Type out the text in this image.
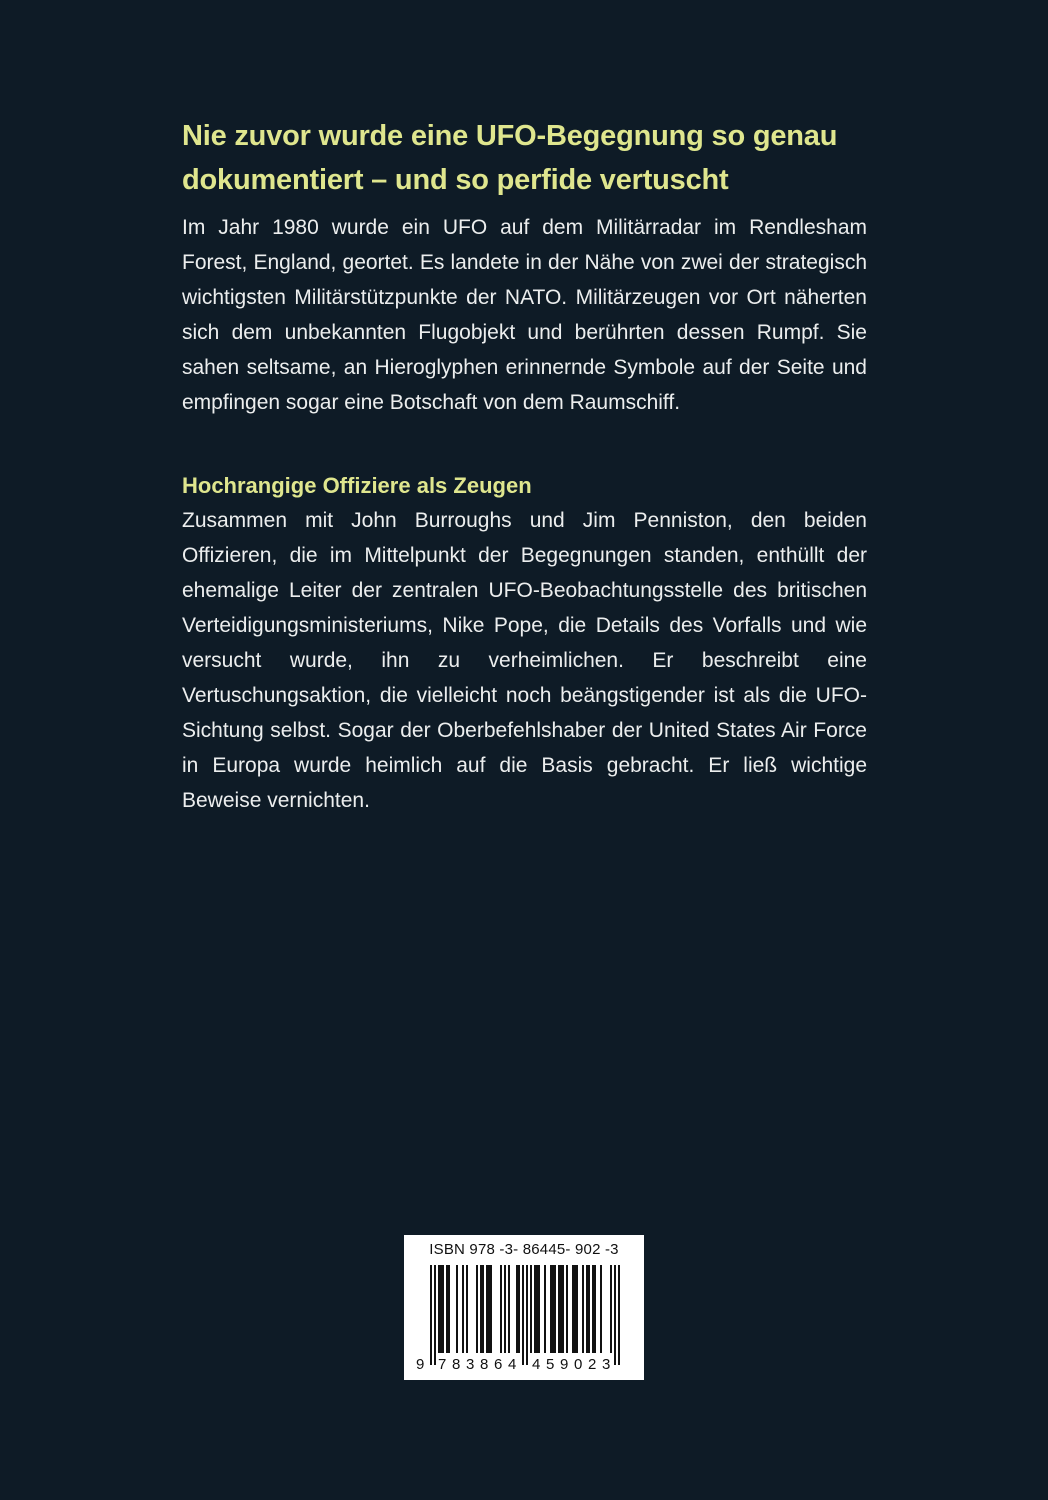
Nie zuvor wurde eine UFO-Begegnung so genau dokumentiert – und so perfide vertuscht

Im Jahr 1980 wurde ein UFO auf dem Militärradar im Rendlesham Forest, England, geortet. Es landete in der Nähe von zwei der strategisch wichtigsten Militärstützpunkte der NATO. Militärzeugen vor Ort näherten sich dem unbekannten Flugobjekt und berührten dessen Rumpf. Sie sahen seltsame, an Hieroglyphen erinnernde Symbole auf der Seite und empfingen sogar eine Botschaft von dem Raumschiff.

Hochrangige Offiziere als Zeugen

Zusammen mit John Burroughs und Jim Penniston, den beiden Offizieren, die im Mittelpunkt der Begegnungen standen, enthüllt der ehemalige Leiter der zentralen UFO-Beobachtungsstelle des britischen Verteidigungsministeriums, Nike Pope, die Details des Vorfalls und wie versucht wurde, ihn zu verheimlichen. Er beschreibt eine Vertuschungsaktion, die vielleicht noch beängstigender ist als die UFO-Sichtung selbst. Sogar der Oberbefehlshaber der United States Air Force in Europa wurde heimlich auf die Basis gebracht. Er ließ wichtige Beweise vernichten.

ISBN 978 -3- 86445- 902 -3
9 7 8 3 8 6 4 4 5 9 0 2 3
